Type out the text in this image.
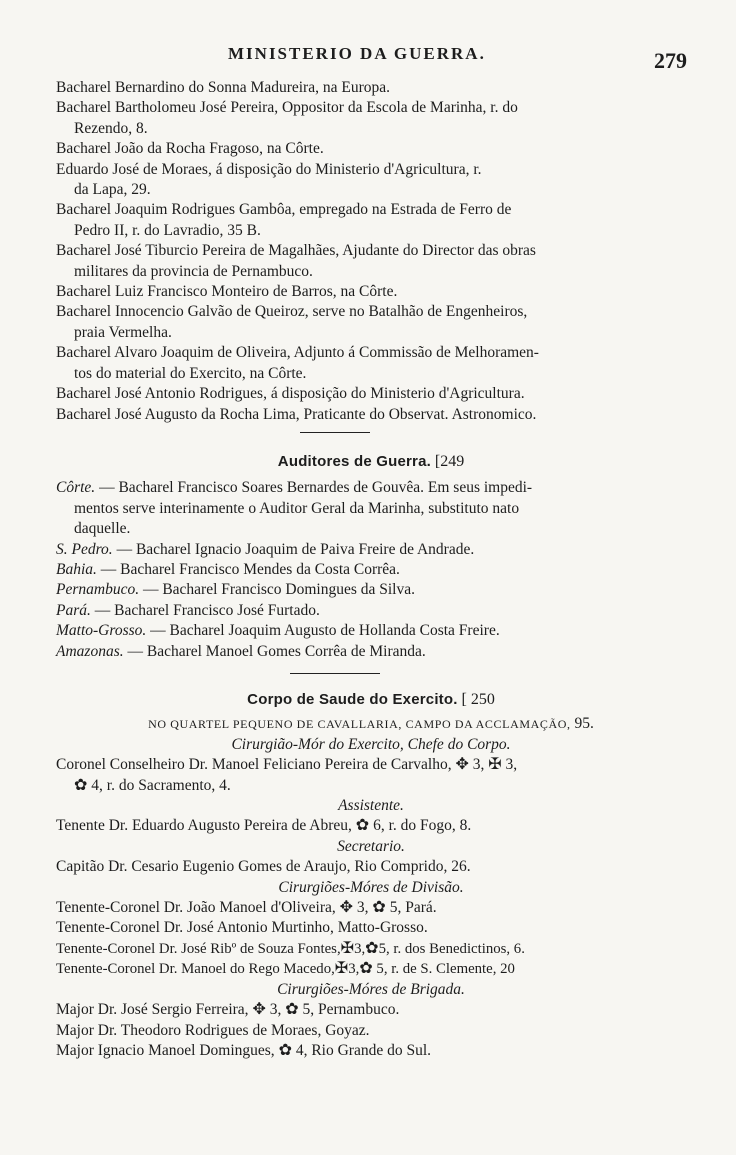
MINISTERIO DA GUERRA.	279
Bacharel Bernardino do Sonna Madureira, na Europa.
Bacharel Bartholomeu José Pereira, Oppositor da Escola de Marinha, r. do
Rezendo, 8.
Bacharel João da Rocha Fragoso, na Côrte.
Eduardo José de Moraes, á disposição do Ministerio d'Agricultura, r.
da Lapa, 29.
Bacharel Joaquim Rodrigues Gambôa, empregado na Estrada de Ferro de
Pedro II, r. do Lavradio, 35 B.
Bacharel José Tiburcio Pereira de Magalhães, Ajudante do Director das obras
militares da provincia de Pernambuco.
Bacharel Luiz Francisco Monteiro de Barros, na Côrte.
Bacharel Innocencio Galvão de Queiroz, serve no Batalhão de Engenheiros,
praia Vermelha.
Bacharel Alvaro Joaquim de Oliveira, Adjunto á Commissão de Melhoramen-
tos do material do Exercito, na Côrte.
Bacharel José Antonio Rodrigues, á disposição do Ministerio d'Agricultura.
Bacharel José Augusto da Rocha Lima, Praticante do Observat. Astronomico.
Auditores de Guerra. [249
Côrte. — Bacharel Francisco Soares Bernardes de Gouvêa. Em seus impedi-
mentos serve interinamente o Auditor Geral da Marinha, substituto nato
daquelle.
S. Pedro. — Bacharel Ignacio Joaquim de Paiva Freire de Andrade.
Bahia. — Bacharel Francisco Mendes da Costa Corrêa.
Pernambuco. — Bacharel Francisco Domingues da Silva.
Pará. — Bacharel Francisco José Furtado.
Matto-Grosso. — Bacharel Joaquim Augusto de Hollanda Costa Freire.
Amazonas. — Bacharel Manoel Gomes Corrêa de Miranda.
Corpo de Saude do Exercito. [ 250
NO QUARTEL PEQUENO DE CAVALLARIA, CAMPO DA ACCLAMAÇÃO, 95.
Cirurgião-Mór do Exercito, Chefe do Corpo.
Coronel Conselheiro Dr. Manoel Feliciano Pereira de Carvalho, ✥ 3, ✠ 3,
✿ 4, r. do Sacramento, 4.
Assistente.
Tenente Dr. Eduardo Augusto Pereira de Abreu, ✿ 6, r. do Fogo, 8.
Secretario.
Capitão Dr. Cesario Eugenio Gomes de Araujo, Rio Comprido, 26.
Cirurgiões-Móres de Divisão.
Tenente-Coronel Dr. João Manoel d'Oliveira, ✥ 3, ✿ 5, Pará.
Tenente-Coronel Dr. José Antonio Murtinho, Matto-Grosso.
Tenente-Coronel Dr. José Ribº de Souza Fontes,✠3,✿5, r. dos Benedictinos, 6.
Tenente-Coronel Dr. Manoel do Rego Macedo,✠3,✿ 5, r. de S. Clemente, 20
Cirurgiões-Móres de Brigada.
Major Dr. José Sergio Ferreira, ✥ 3, ✿ 5, Pernambuco.
Major Dr. Theodoro Rodrigues de Moraes, Goyaz.
Major Ignacio Manoel Domingues, ✿ 4, Rio Grande do Sul.
